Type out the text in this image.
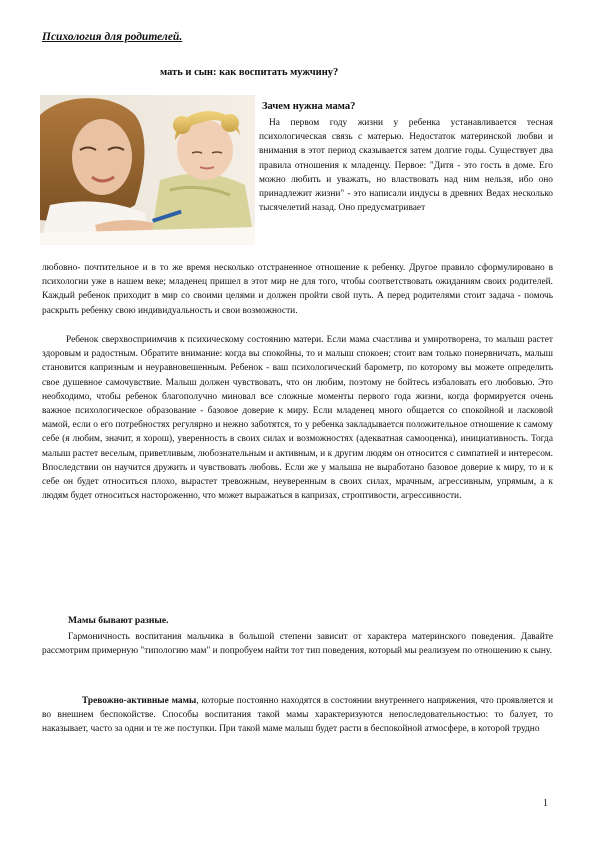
Психология для родителей.
мать и сын: как воспитать мужчину?
Зачем нужна мама?

На первом году жизни у ребенка устанавливается тесная психологическая связь с матерью. Недостаток материнской любви и внимания в этот период сказывается затем долгие годы. Существует два правила отношения к младенцу. Первое: "Дитя - это гость в доме. Его можно любить и уважать, но властвовать над ним нельзя, ибо оно принадлежит жизни" - это написали индусы в древних Ведах несколько тысячелетий назад. Оно предусматривает

любовно- почтительное и в то же время несколько отстраненное отношение к ребенку. Другое правило сформулировано в психологии уже в нашем веке; младенец пришел в этот мир не для того, чтобы соответствовать ожиданиям своих родителей. Каждый ребенок приходит в мир со своими целями и должен пройти свой путь. А перед родителями стоит задача - помочь раскрыть ребенку свою индивидуальность и свои возможности.

Ребенок сверхвосприимчив к психическому состоянию матери. Если мама счастлива и умиротворена, то малыш растет здоровым и радостным. Обратите внимание: когда вы спокойны, то и малыш спокоен; стоит вам только понервничать, малыш становится капризным и неуравновешенным. Ребенок - ваш психологический барометр, по которому вы можете определить свое душевное самочувствие. Малыш должен чувствовать, что он любим, поэтому не бойтесь избаловать его любовью. Это необходимо, чтобы ребенок благополучно миновал все сложные моменты первого года жизни, когда формируется очень важное психологическое образование - базовое доверие к миру. Если младенец много общается со спокойной и ласковой мамой, если о его потребностях регулярно и нежно заботятся, то у ребенка закладывается положительное отношение к самому себе (я любим, значит, я хорош), уверенность в своих силах и возможностях (адекватная самооценка), инициативность. Тогда малыш растет веселым, приветливым, любознательным и активным, и к другим людям он относится с симпатией и интересом. Впоследствии он научится дружить и чувствовать любовь. Если же у малыша не выработано базовое доверие к миру, то и к себе он будет относиться плохо, вырастет тревожным, неуверенным в своих силах, мрачным, агрессивным, упрямым, а к людям будет относиться настороженно, что может выражаться в капризах, строптивости, агрессивности.

Мамы бывают разные.

Гармоничность воспитания мальчика в большой степени зависит от характера материнского поведения. Давайте рассмотрим примерную "типологию мам" и попробуем найти тот тип поведения, который мы реализуем по отношению к сыну.

Тревожно-активные мамы, которые постоянно находятся в состоянии внутреннего напряжения, что проявляется и во внешнем беспокойстве. Способы воспитания такой мамы характеризуются непоследовательностью: то балует, то наказывает, часто за одни и те же поступки. При такой маме малыш будет расти в беспокойной атмосфере, в которой трудно

1
